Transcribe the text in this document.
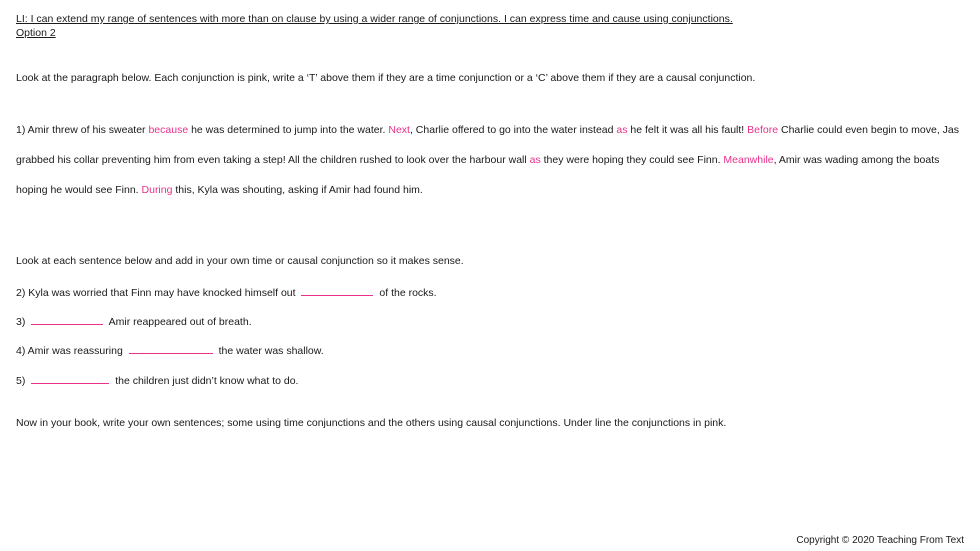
LI: I can extend my range of sentences with more than on clause by using a wider range of conjunctions. I can express time and cause using conjunctions.
Option 2
Look at the paragraph below. Each conjunction is pink, write a ‘T’ above them if they are a time conjunction or a ‘C’ above them if they are a causal conjunction.
1) Amir threw of his sweater because he was determined to jump into the water. Next, Charlie offered to go into the water instead as he felt it was all his fault! Before Charlie could even begin to move, Jas grabbed his collar preventing him from even taking a step! All the children rushed to look over the harbour wall as they were hoping they could see Finn. Meanwhile, Amir was wading among the boats hoping he would see Finn. During this, Kyla was shouting, asking if Amir had found him.
Look at each sentence below and add in your own time or causal conjunction so it makes sense.
2) Kyla was worried that Finn may have knocked himself out	of the rocks.
3)	Amir reappeared out of breath.
4) Amir was reassuring	the water was shallow.
5)	the children just didn’t know what to do.
Now in your book, write your own sentences; some using time conjunctions and the others using causal conjunctions. Under line the conjunctions in pink.
Copyright © 2020 Teaching From Text
